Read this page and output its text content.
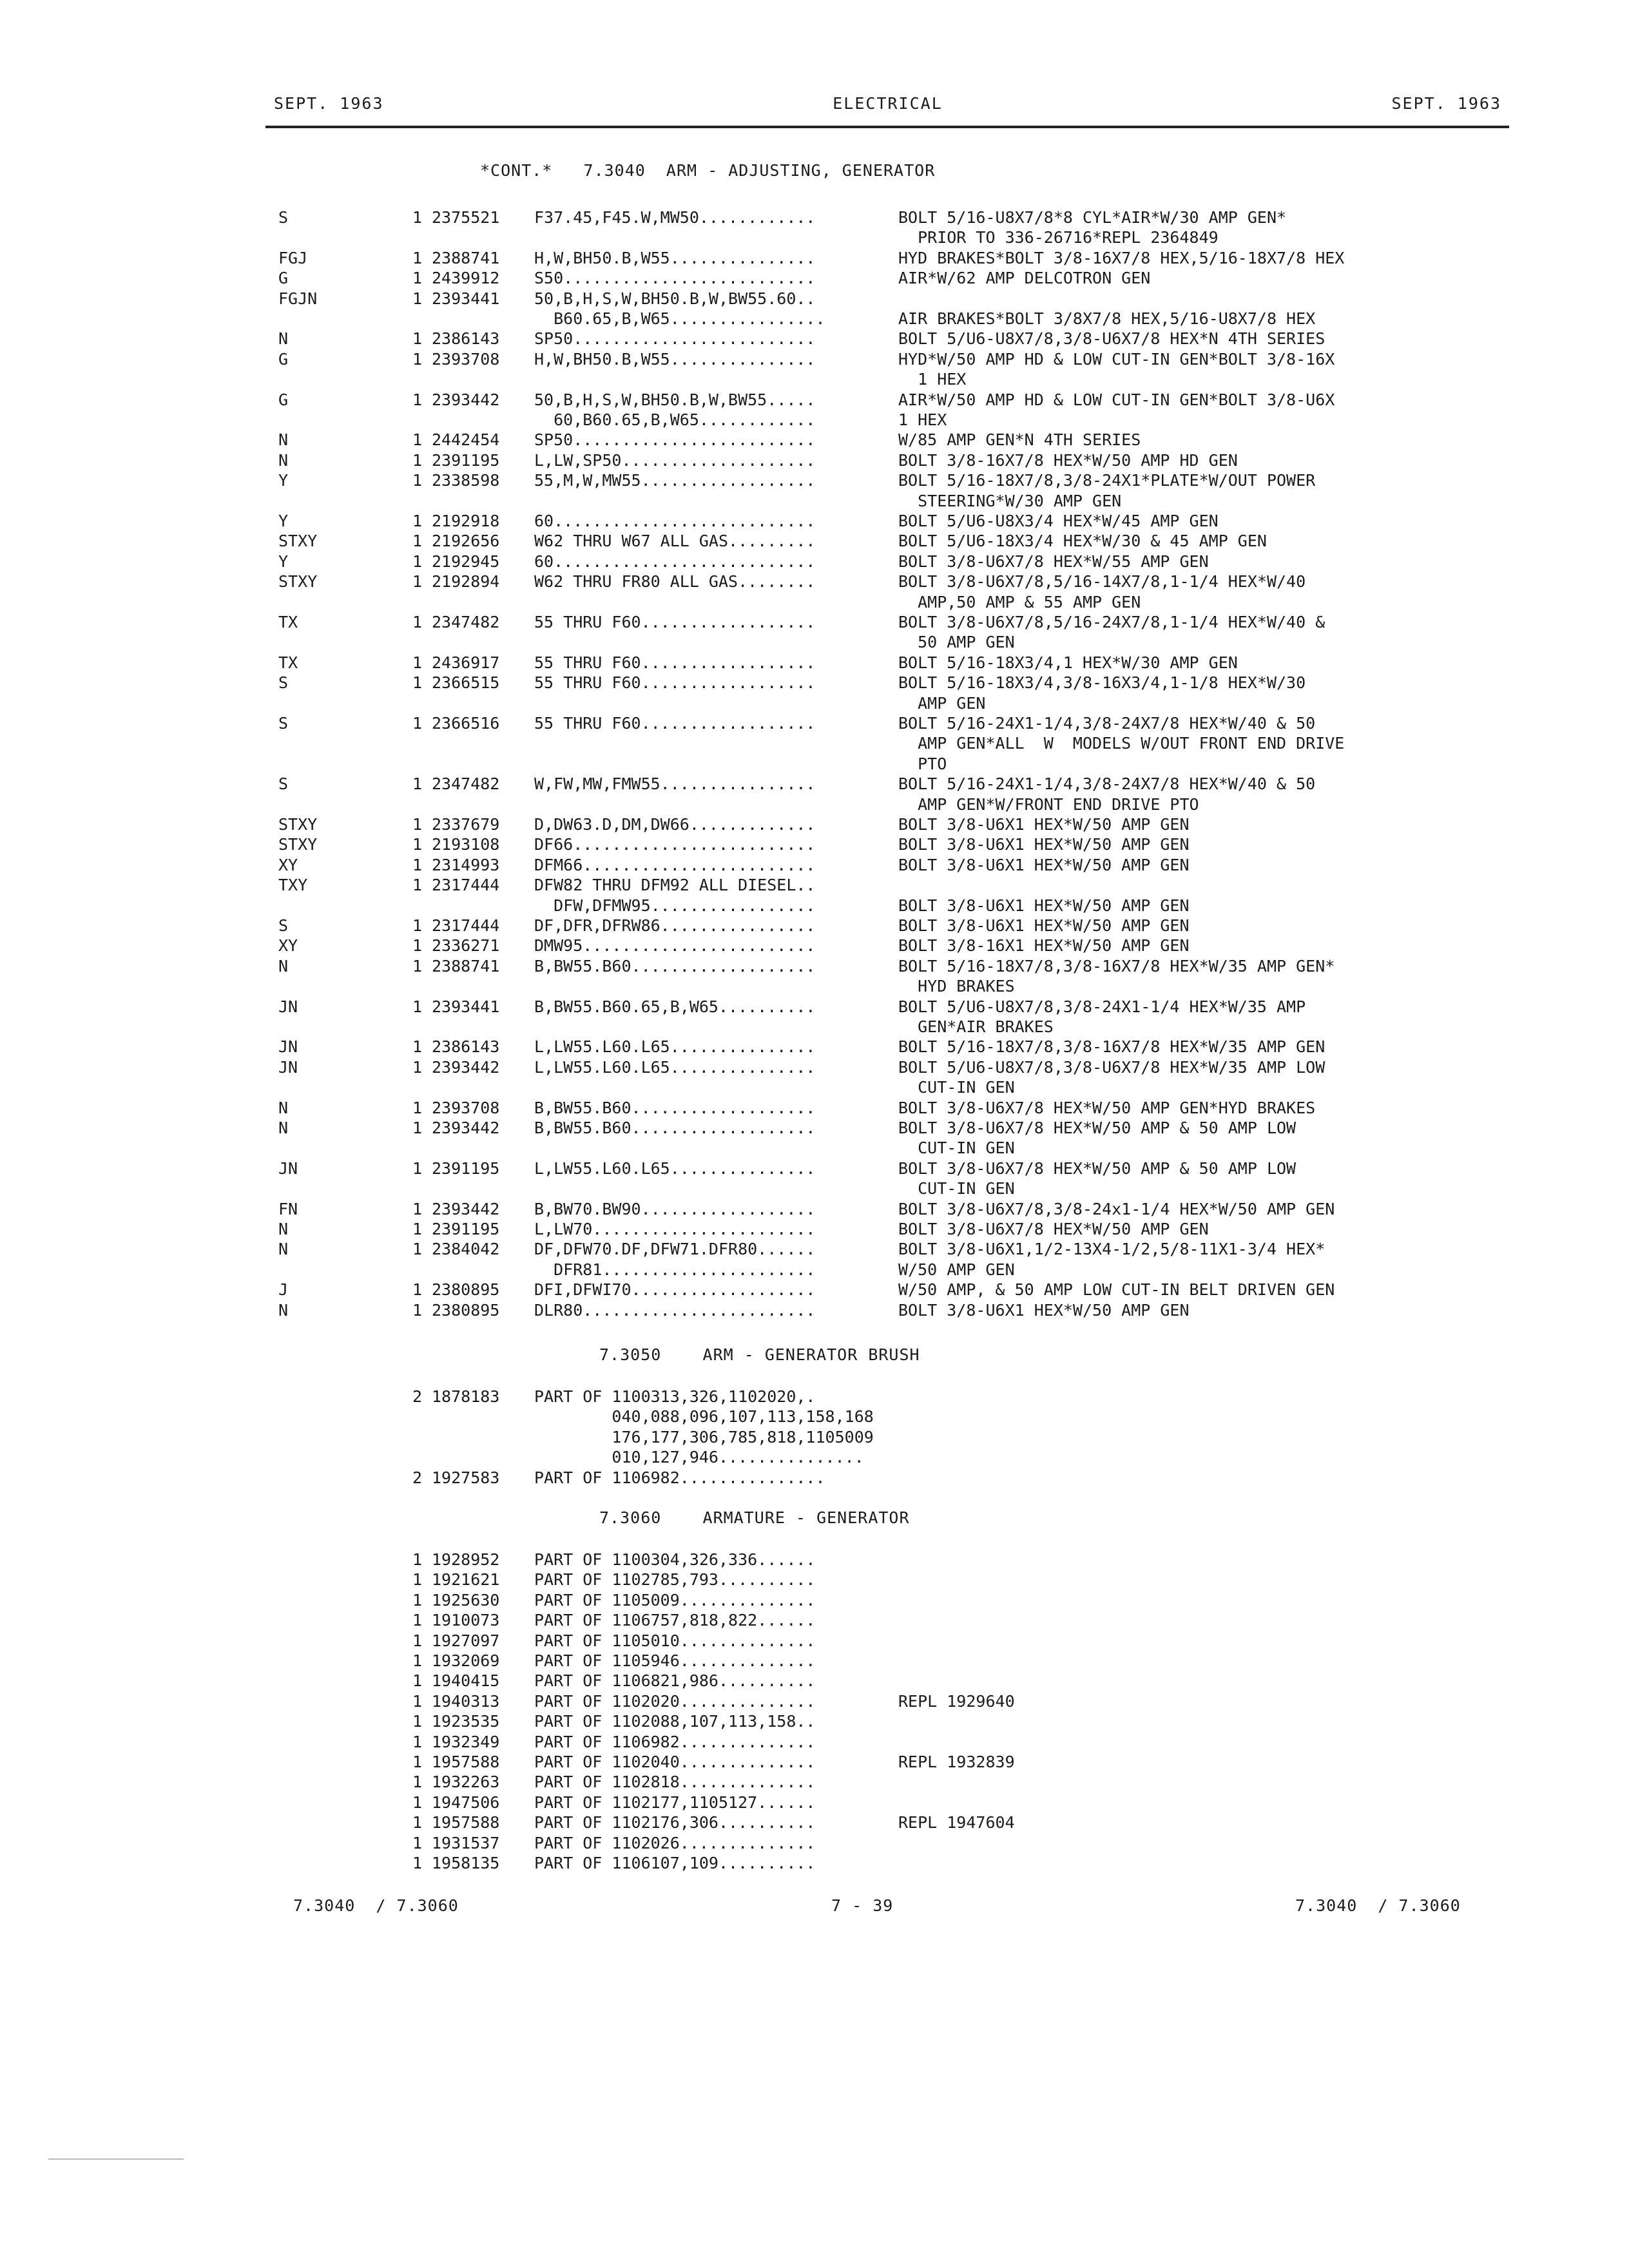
SEPT. 1963	ELECTRICAL	SEPT. 1963
*CONT.*   7.3040  ARM - ADJUSTING, GENERATOR
S	1 2375521 F37.45,F45.W,MW50............	BOLT 5/16-U8X7/8*8 CYL*AIR*W/30 AMP GEN*
PRIOR TO 336-26716*REPL 2364849
FGJ	1 2388741 H,W,BH50.B,W55...............	HYD BRAKES*BOLT 3/8-16X7/8 HEX,5/16-18X7/8 HEX
G	1 2439912 S50..........................	AIR*W/62 AMP DELCOTRON GEN
FGJN	1 2393441 50,B,H,S,W,BH50.B,W,BW55.60..
B60.65,B,W65................	AIR BRAKES*BOLT 3/8X7/8 HEX,5/16-U8X7/8 HEX
N	1 2386143 SP50.........................	BOLT 5/U6-U8X7/8,3/8-U6X7/8 HEX*N 4TH SERIES
G	1 2393708 H,W,BH50.B,W55...............	HYD*W/50 AMP HD & LOW CUT-IN GEN*BOLT 3/8-16X
1 HEX
G	1 2393442 50,B,H,S,W,BH50.B,W,BW55.....	AIR*W/50 AMP HD & LOW CUT-IN GEN*BOLT 3/8-U6X
60,B60.65,B,W65............	1 HEX
N	1 2442454 SP50.........................	W/85 AMP GEN*N 4TH SERIES
N	1 2391195 L,LW,SP50....................	BOLT 3/8-16X7/8 HEX*W/50 AMP HD GEN
Y	1 2338598 55,M,W,MW55..................	BOLT 5/16-18X7/8,3/8-24X1*PLATE*W/OUT POWER
STEERING*W/30 AMP GEN
Y	1 2192918 60...........................	BOLT 5/U6-U8X3/4 HEX*W/45 AMP GEN
STXY	1 2192656 W62 THRU W67 ALL GAS.........	BOLT 5/U6-18X3/4 HEX*W/30 & 45 AMP GEN
Y	1 2192945 60...........................	BOLT 3/8-U6X7/8 HEX*W/55 AMP GEN
STXY	1 2192894 W62 THRU FR80 ALL GAS........	BOLT 3/8-U6X7/8,5/16-14X7/8,1-1/4 HEX*W/40
AMP,50 AMP & 55 AMP GEN
TX	1 2347482 55 THRU F60..................	BOLT 3/8-U6X7/8,5/16-24X7/8,1-1/4 HEX*W/40 &
50 AMP GEN
TX	1 2436917 55 THRU F60..................	BOLT 5/16-18X3/4,1 HEX*W/30 AMP GEN
S	1 2366515 55 THRU F60..................	BOLT 5/16-18X3/4,3/8-16X3/4,1-1/8 HEX*W/30
AMP GEN
S	1 2366516 55 THRU F60..................	BOLT 5/16-24X1-1/4,3/8-24X7/8 HEX*W/40 & 50
AMP GEN*ALL  W  MODELS W/OUT FRONT END DRIVE
PTO
S	1 2347482 W,FW,MW,FMW55................	BOLT 5/16-24X1-1/4,3/8-24X7/8 HEX*W/40 & 50
AMP GEN*W/FRONT END DRIVE PTO
STXY	1 2337679 D,DW63.D,DM,DW66.............	BOLT 3/8-U6X1 HEX*W/50 AMP GEN
STXY	1 2193108 DF66.........................	BOLT 3/8-U6X1 HEX*W/50 AMP GEN
XY	1 2314993 DFM66........................	BOLT 3/8-U6X1 HEX*W/50 AMP GEN
TXY	1 2317444 DFW82 THRU DFM92 ALL DIESEL..
DFW,DFMW95.................	BOLT 3/8-U6X1 HEX*W/50 AMP GEN
S	1 2317444 DF,DFR,DFRW86................	BOLT 3/8-U6X1 HEX*W/50 AMP GEN
XY	1 2336271 DMW95........................	BOLT 3/8-16X1 HEX*W/50 AMP GEN
N	1 2388741 B,BW55.B60...................	BOLT 5/16-18X7/8,3/8-16X7/8 HEX*W/35 AMP GEN*
HYD BRAKES
JN	1 2393441 B,BW55.B60.65,B,W65..........	BOLT 5/U6-U8X7/8,3/8-24X1-1/4 HEX*W/35 AMP
GEN*AIR BRAKES
JN	1 2386143 L,LW55.L60.L65...............	BOLT 5/16-18X7/8,3/8-16X7/8 HEX*W/35 AMP GEN
JN	1 2393442 L,LW55.L60.L65...............	BOLT 5/U6-U8X7/8,3/8-U6X7/8 HEX*W/35 AMP LOW
CUT-IN GEN
N	1 2393708 B,BW55.B60...................	BOLT 3/8-U6X7/8 HEX*W/50 AMP GEN*HYD BRAKES
N	1 2393442 B,BW55.B60...................	BOLT 3/8-U6X7/8 HEX*W/50 AMP & 50 AMP LOW
CUT-IN GEN
JN	1 2391195 L,LW55.L60.L65...............	BOLT 3/8-U6X7/8 HEX*W/50 AMP & 50 AMP LOW
CUT-IN GEN
FN	1 2393442 B,BW70.BW90..................	BOLT 3/8-U6X7/8,3/8-24x1-1/4 HEX*W/50 AMP GEN
N	1 2391195 L,LW70.......................	BOLT 3/8-U6X7/8 HEX*W/50 AMP GEN
N	1 2384042 DF,DFW70.DF,DFW71.DFR80......	BOLT 3/8-U6X1,1/2-13X4-1/2,5/8-11X1-3/4 HEX*
DFR81......................	W/50 AMP GEN
J	1 2380895 DFI,DFWI70...................	W/50 AMP, & 50 AMP LOW CUT-IN BELT DRIVEN GEN
N	1 2380895 DLR80........................	BOLT 3/8-U6X1 HEX*W/50 AMP GEN
7.3050    ARM - GENERATOR BRUSH
2 1878183 PART OF 1100313,326,1102020,.
040,088,096,107,113,158,168
176,177,306,785,818,1105009
010,127,946...............
2 1927583 PART OF 1106982...............
7.3060    ARMATURE - GENERATOR
1 1928952 PART OF 1100304,326,336......
1 1921621 PART OF 1102785,793..........
1 1925630 PART OF 1105009..............
1 1910073 PART OF 1106757,818,822......
1 1927097 PART OF 1105010..............
1 1932069 PART OF 1105946..............
1 1940415 PART OF 1106821,986..........
1 1940313 PART OF 1102020..............	REPL 1929640
1 1923535 PART OF 1102088,107,113,158..
1 1932349 PART OF 1106982..............
1 1957588 PART OF 1102040..............	REPL 1932839
1 1932263 PART OF 1102818..............
1 1947506 PART OF 1102177,1105127......
1 1957588 PART OF 1102176,306..........	REPL 1947604
1 1931537 PART OF 1102026..............
1 1958135 PART OF 1106107,109..........
7.3040  / 7.3060	7 - 39	7.3040  / 7.3060
